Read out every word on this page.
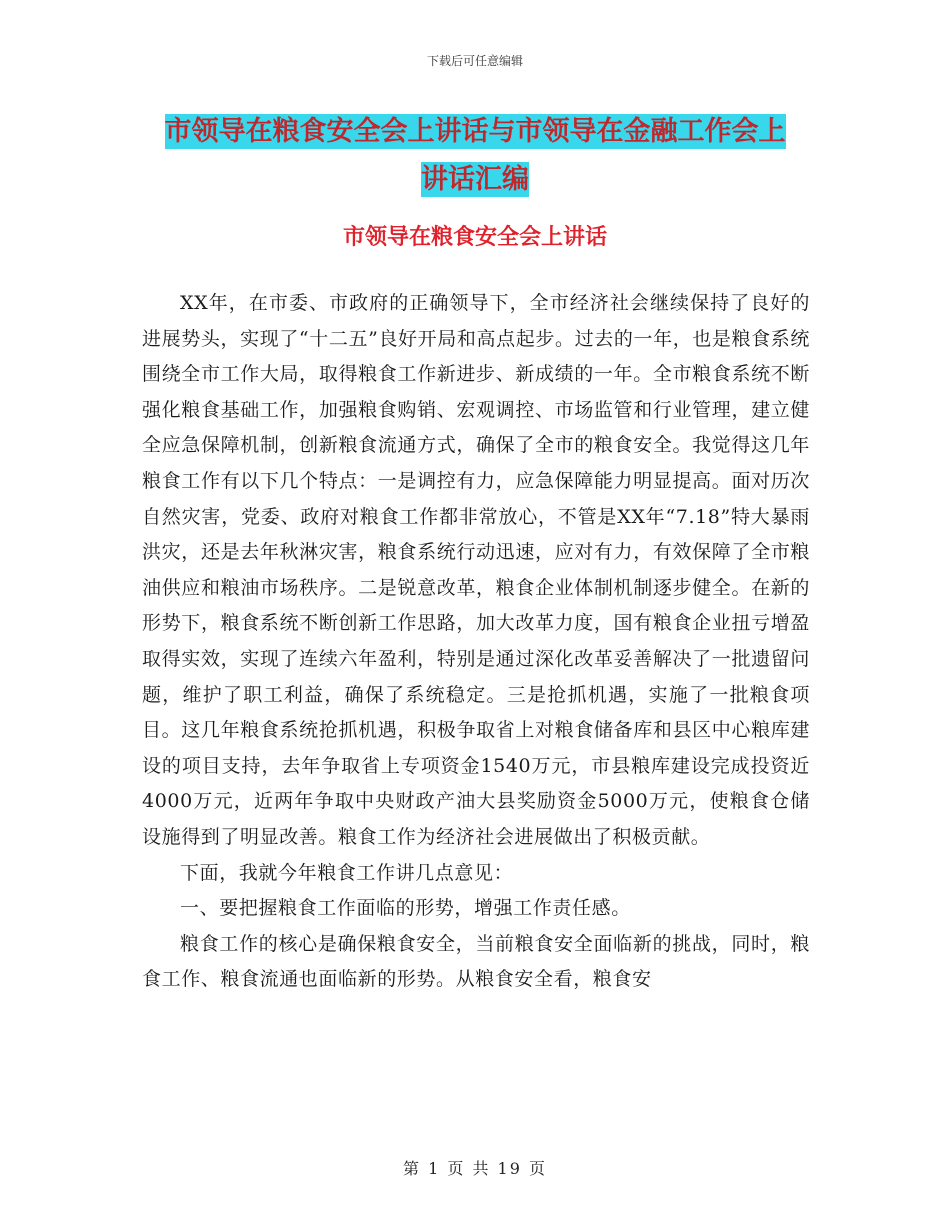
下载后可任意编辑
市领导在粮食安全会上讲话与市领导在金融工作会上
讲话汇编
市领导在粮食安全会上讲话

XX年，在市委、市政府的正确领导下，全市经济社会继续保持了良好的进展势头，实现了“十二五”良好开局和高点起步。过去的一年，也是粮食系统围绕全市工作大局，取得粮食工作新进步、新成绩的一年。全市粮食系统不断强化粮食基础工作，加强粮食购销、宏观调控、市场监管和行业管理，建立健全应急保障机制，创新粮食流通方式，确保了全市的粮食安全。我觉得这几年粮食工作有以下几个特点：一是调控有力，应急保障能力明显提高。面对历次自然灾害，党委、政府对粮食工作都非常放心，不管是XX年“7.18”特大暴雨洪灾，还是去年秋淋灾害，粮食系统行动迅速，应对有力，有效保障了全市粮油供应和粮油市场秩序。二是锐意改革，粮食企业体制机制逐步健全。在新的形势下，粮食系统不断创新工作思路，加大改革力度，国有粮食企业扭亏增盈取得实效，实现了连续六年盈利，特别是通过深化改革妥善解决了一批遗留问题，维护了职工利益，确保了系统稳定。三是抢抓机遇，实施了一批粮食项目。这几年粮食系统抢抓机遇，积极争取省上对粮食储备库和县区中心粮库建设的项目支持，去年争取省上专项资金1540万元，市县粮库建设完成投资近4000万元，近两年争取中央财政产油大县奖励资金5000万元，使粮食仓储设施得到了明显改善。粮食工作为经济社会进展做出了积极贡献。

下面，我就今年粮食工作讲几点意见：

一、要把握粮食工作面临的形势，增强工作责任感。

粮食工作的核心是确保粮食安全，当前粮食安全面临新的挑战，同时，粮食工作、粮食流通也面临新的形势。从粮食安全看，粮食安

第 1 页 共 19 页
